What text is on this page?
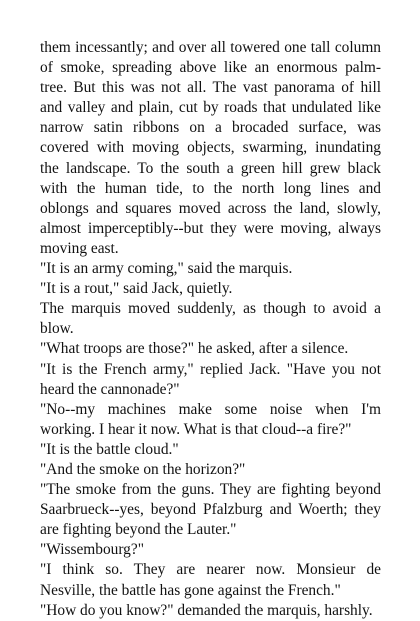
them incessantly; and over all towered one tall column of smoke, spreading above like an enormous palm-tree. But this was not all. The vast panorama of hill and valley and plain, cut by roads that undulated like narrow satin ribbons on a brocaded surface, was covered with moving objects, swarming, inundating the landscape. To the south a green hill grew black with the human tide, to the north long lines and oblongs and squares moved across the land, slowly, almost imperceptibly--but they were moving, always moving east.

"It is an army coming," said the marquis.

"It is a rout," said Jack, quietly.

The marquis moved suddenly, as though to avoid a blow.

"What troops are those?" he asked, after a silence.

"It is the French army," replied Jack. "Have you not heard the cannonade?"

"No--my machines make some noise when I'm working. I hear it now. What is that cloud--a fire?"

"It is the battle cloud."

"And the smoke on the horizon?"

"The smoke from the guns. They are fighting beyond Saarbrueck--yes, beyond Pfalzburg and Woerth; they are fighting beyond the Lauter."

"Wissembourg?"

"I think so. They are nearer now. Monsieur de Nesville, the battle has gone against the French."

"How do you know?" demanded the marquis, harshly.
